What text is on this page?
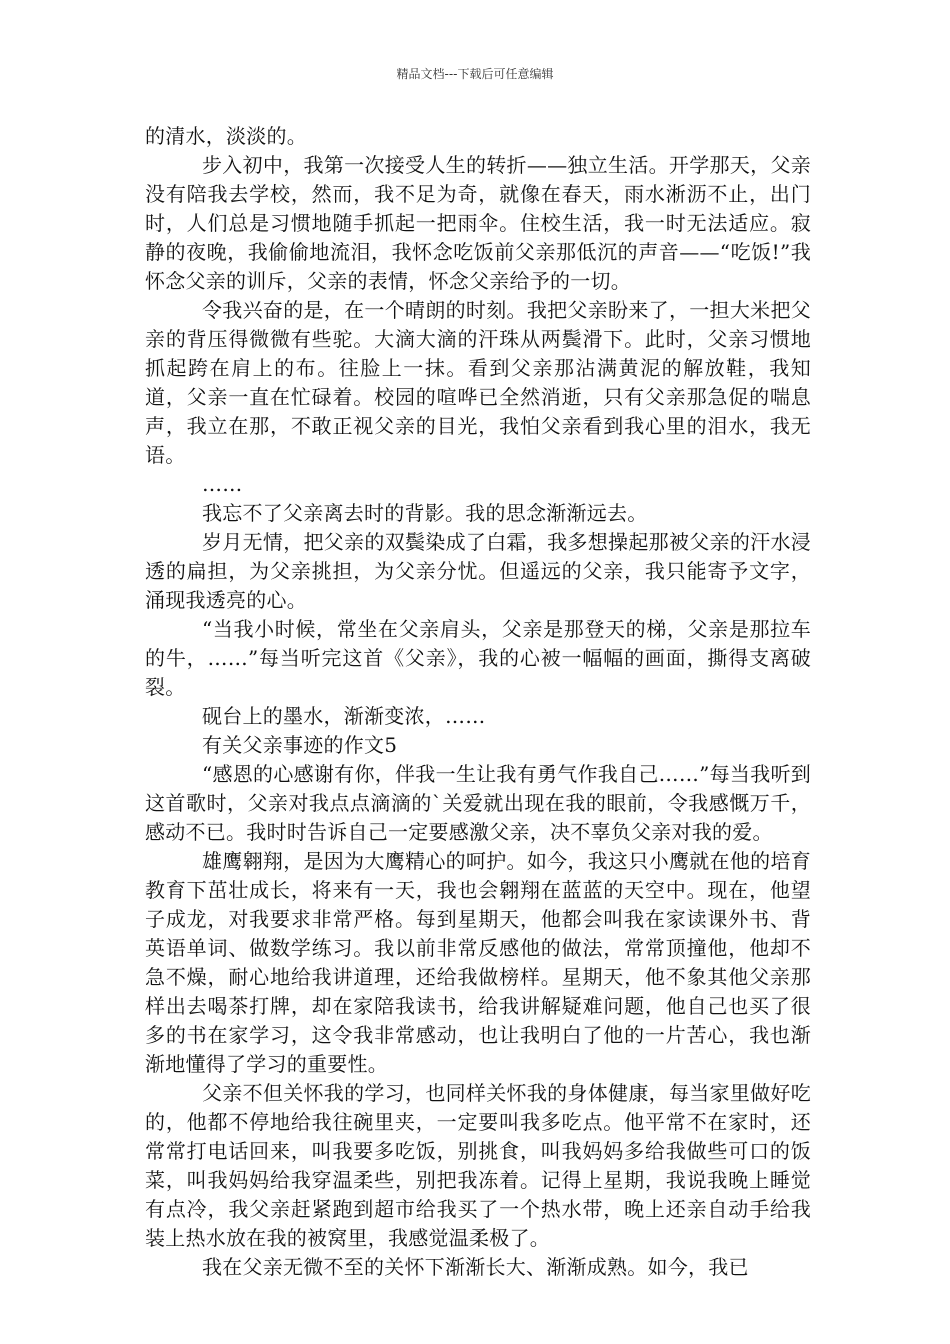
精品文档---下载后可任意编辑

的清水，淡淡的。

步入初中，我第一次接受人生的转折——独立生活。开学那天，父亲没有陪我去学校，然而，我不足为奇，就像在春天，雨水淅沥不止，出门时，人们总是习惯地随手抓起一把雨伞。住校生活，我一时无法适应。寂静的夜晚，我偷偷地流泪，我怀念吃饭前父亲那低沉的声音——“吃饭!”我怀念父亲的训斥，父亲的表情，怀念父亲给予的一切。

令我兴奋的是，在一个晴朗的时刻。我把父亲盼来了，一担大米把父亲的背压得微微有些驼。大滴大滴的汗珠从两鬓滑下。此时，父亲习惯地抓起跨在肩上的布。往脸上一抹。看到父亲那沾满黄泥的解放鞋，我知道，父亲一直在忙碌着。校园的喧哗已全然消逝，只有父亲那急促的喘息声，我立在那，不敢正视父亲的目光，我怕父亲看到我心里的泪水，我无语。

……

我忘不了父亲离去时的背影。我的思念渐渐远去。

岁月无情，把父亲的双鬓染成了白霜，我多想操起那被父亲的汗水浸透的扁担，为父亲挑担，为父亲分忧。但遥远的父亲，我只能寄予文字，涌现我透亮的心。

“当我小时候，常坐在父亲肩头，父亲是那登天的梯，父亲是那拉车的牛，……”每当听完这首《父亲》，我的心被一幅幅的画面，撕得支离破裂。

砚台上的墨水，渐渐变浓，……

有关父亲事迹的作文5

“感恩的心感谢有你，伴我一生让我有勇气作我自己……”每当我听到这首歌时，父亲对我点点滴滴的`关爱就出现在我的眼前，令我感慨万千，感动不已。我时时告诉自己一定要感激父亲，决不辜负父亲对我的爱。

雄鹰翱翔，是因为大鹰精心的呵护。如今，我这只小鹰就在他的培育教育下茁壮成长，将来有一天，我也会翱翔在蓝蓝的天空中。现在，他望子成龙，对我要求非常严格。每到星期天，他都会叫我在家读课外书、背英语单词、做数学练习。我以前非常反感他的做法，常常顶撞他，他却不急不燥，耐心地给我讲道理，还给我做榜样。星期天，他不象其他父亲那样出去喝茶打牌，却在家陪我读书，给我讲解疑难问题，他自己也买了很多的书在家学习，这令我非常感动，也让我明白了他的一片苦心，我也渐渐地懂得了学习的重要性。

父亲不但关怀我的学习，也同样关怀我的身体健康，每当家里做好吃的，他都不停地给我往碗里夹，一定要叫我多吃点。他平常不在家时，还常常打电话回来，叫我要多吃饭，别挑食，叫我妈妈多给我做些可口的饭菜，叫我妈妈给我穿温柔些，别把我冻着。记得上星期，我说我晚上睡觉有点冷，我父亲赶紧跑到超市给我买了一个热水带，晚上还亲自动手给我装上热水放在我的被窝里，我感觉温柔极了。

我在父亲无微不至的关怀下渐渐长大、渐渐成熟。如今，我已
